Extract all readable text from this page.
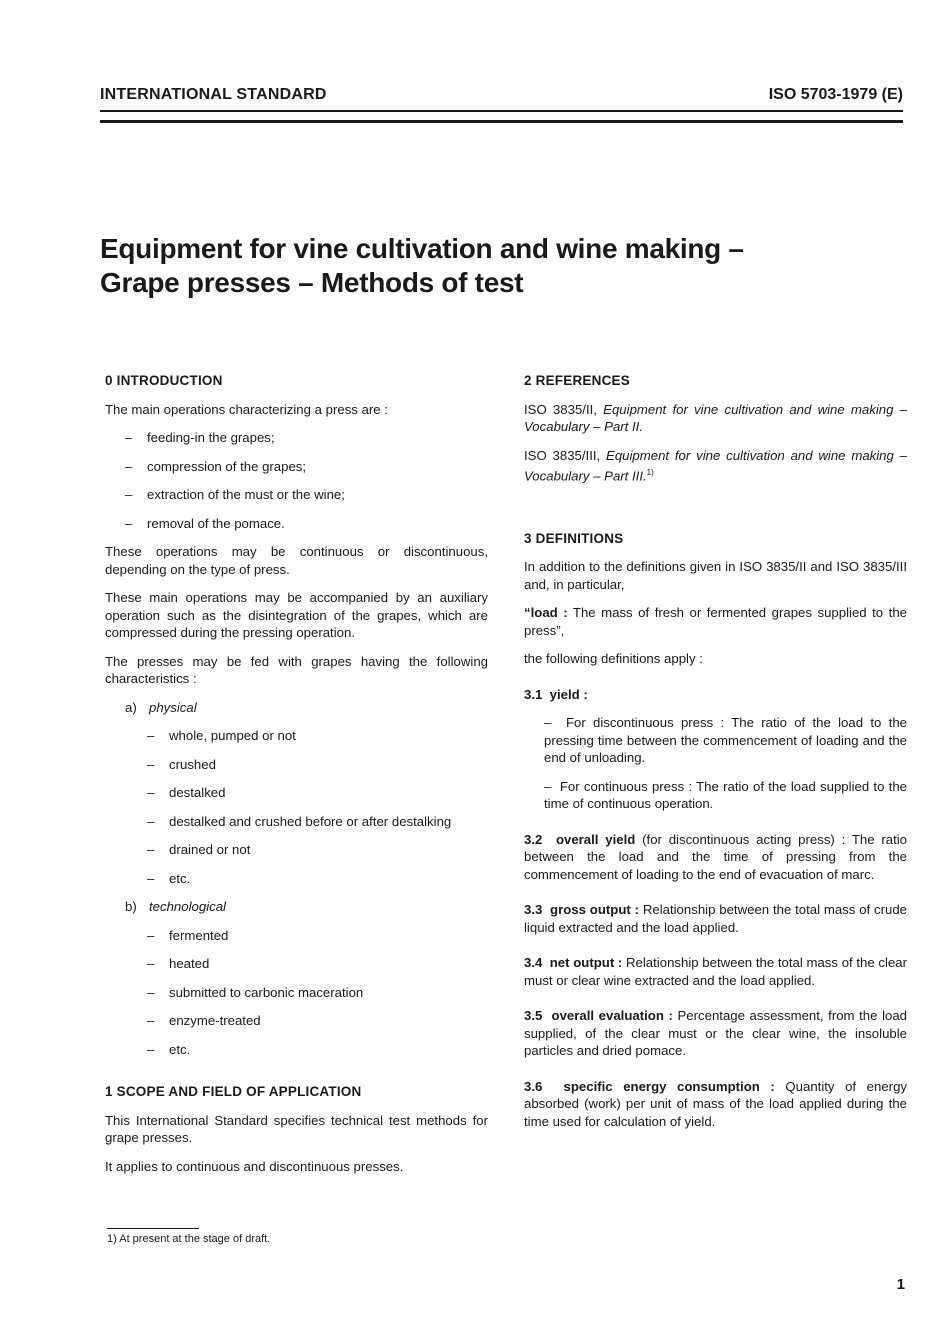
INTERNATIONAL STANDARD	ISO 5703-1979 (E)
Equipment for vine cultivation and wine making –
Grape presses – Methods of test
0 INTRODUCTION

The main operations characterizing a press are :

–	feeding-in the grapes;
–	compression of the grapes;
–	extraction of the must or the wine;
–	removal of the pomace.

These operations may be continuous or discontinuous, depending on the type of press.

These main operations may be accompanied by an auxiliary operation such as the disintegration of the grapes, which are compressed during the pressing operation.

The presses may be fed with grapes having the following characteristics :

a) physical

–	whole, pumped or not
–	crushed
–	destalked
–	destalked and crushed before or after destalking
–	drained or not
–	etc.

b) technological

–	fermented
–	heated
–	submitted to carbonic maceration
–	enzyme-treated
–	etc.
1 SCOPE AND FIELD OF APPLICATION

This International Standard specifies technical test methods for grape presses.

It applies to continuous and discontinuous presses.

2 REFERENCES

ISO 3835/II, Equipment for vine cultivation and wine making – Vocabulary – Part II.

ISO 3835/III, Equipment for vine cultivation and wine making – Vocabulary – Part III.$^{1)}$

3 DEFINITIONS

In addition to the definitions given in ISO 3835/II and ISO 3835/III and, in particular,

“load : The mass of fresh or fermented grapes supplied to the press”,

the following definitions apply :

3.1 yield :

–  For discontinuous press : The ratio of the load to the pressing time between the commencement of loading and the end of unloading.

–  For continuous press : The ratio of the load supplied to the time of continuous operation.

3.2 overall yield (for discontinuous acting press) : The ratio between the load and the time of pressing from the commencement of loading to the end of evacuation of marc.

3.3 gross output : Relationship between the total mass of crude liquid extracted and the load applied.

3.4 net output : Relationship between the total mass of the clear must or clear wine extracted and the load applied.

3.5 overall evaluation : Percentage assessment, from the load supplied, of the clear must or the clear wine, the insoluble particles and dried pomace.

3.6 specific energy consumption : Quantity of energy absorbed (work) per unit of mass of the load applied during the time used for calculation of yield.

1) At present at the stage of draft.
1
